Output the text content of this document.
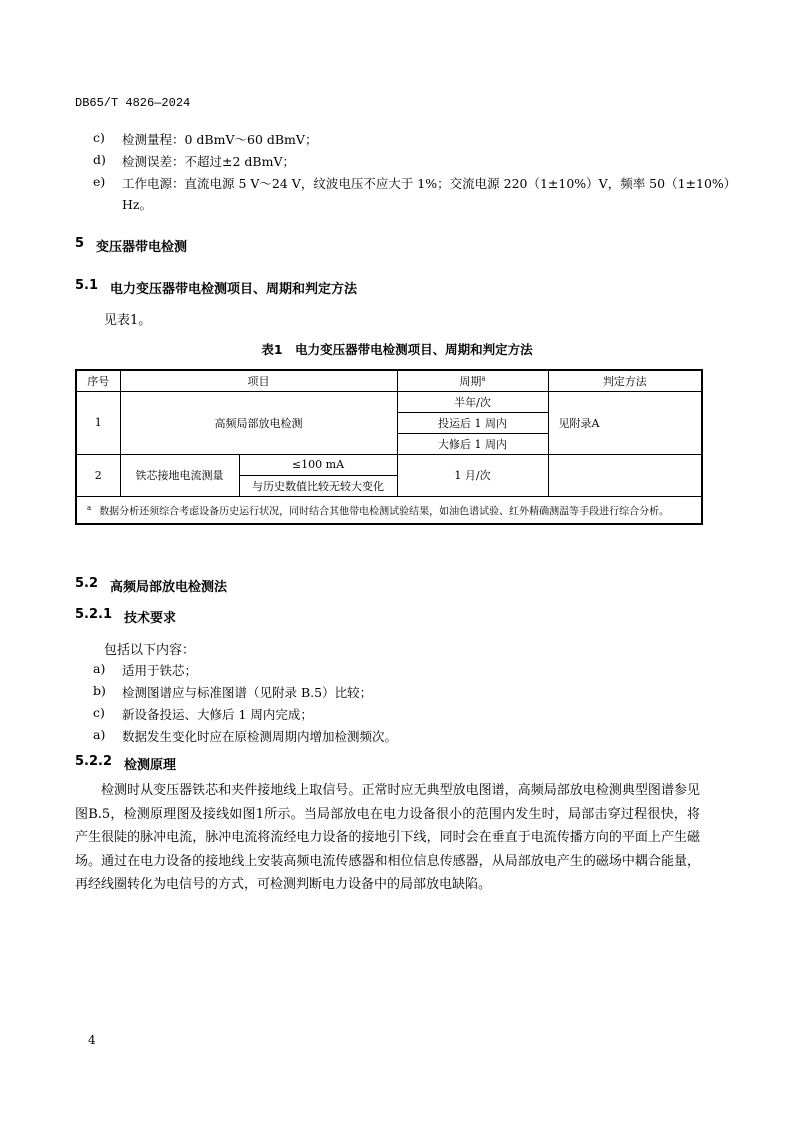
DB65/T 4826—2024
c) 检测量程：0 dBmV～60 dBmV；
d) 检测误差：不超过±2 dBmV；
e) 工作电源：直流电源 5 V～24 V，纹波电压不应大于 1%；交流电源 220（1±10%）V，频率 50（1±10%）
Hz。
5 变压器带电检测
5.1 电力变压器带电检测项目、周期和判定方法
见表1。
表1　电力变压器带电检测项目、周期和判定方法
序号	项目		周期$^a$	判定方法
1	高频局部放电检测		半年/次	见附录A
			投运后 1 周内	
			大修后 1 周内	
2	铁芯接地电流测量	≤100 mA	1 月/次	
		与历史数值比较无较大变化		
$^a$ 数据分析还须综合考虑设备历史运行状况，同时结合其他带电检测试验结果，如油色谱试验、红外精确测温等手段进行综合分析。				
5.2 高频局部放电检测法
5.2.1 技术要求
包括以下内容：
a) 适用于铁芯；
b) 检测图谱应与标准图谱（见附录 B.5）比较；
c) 新设备投运、大修后 1 周内完成；
a) 数据发生变化时应在原检测周期内增加检测频次。
5.2.2 检测原理
检测时从变压器铁芯和夹件接地线上取信号。正常时应无典型放电图谱，高频局部放电检测典型图谱参见图B.5，检测原理图及接线如图1所示。当局部放电在电力设备很小的范围内发生时，局部击穿过程很快，将产生很陡的脉冲电流，脉冲电流将流经电力设备的接地引下线，同时会在垂直于电流传播方向的平面上产生磁场。通过在电力设备的接地线上安装高频电流传感器和相位信息传感器，从局部放电产生的磁场中耦合能量，再经线圈转化为电信号的方式，可检测判断电力设备中的局部放电缺陷。
4
